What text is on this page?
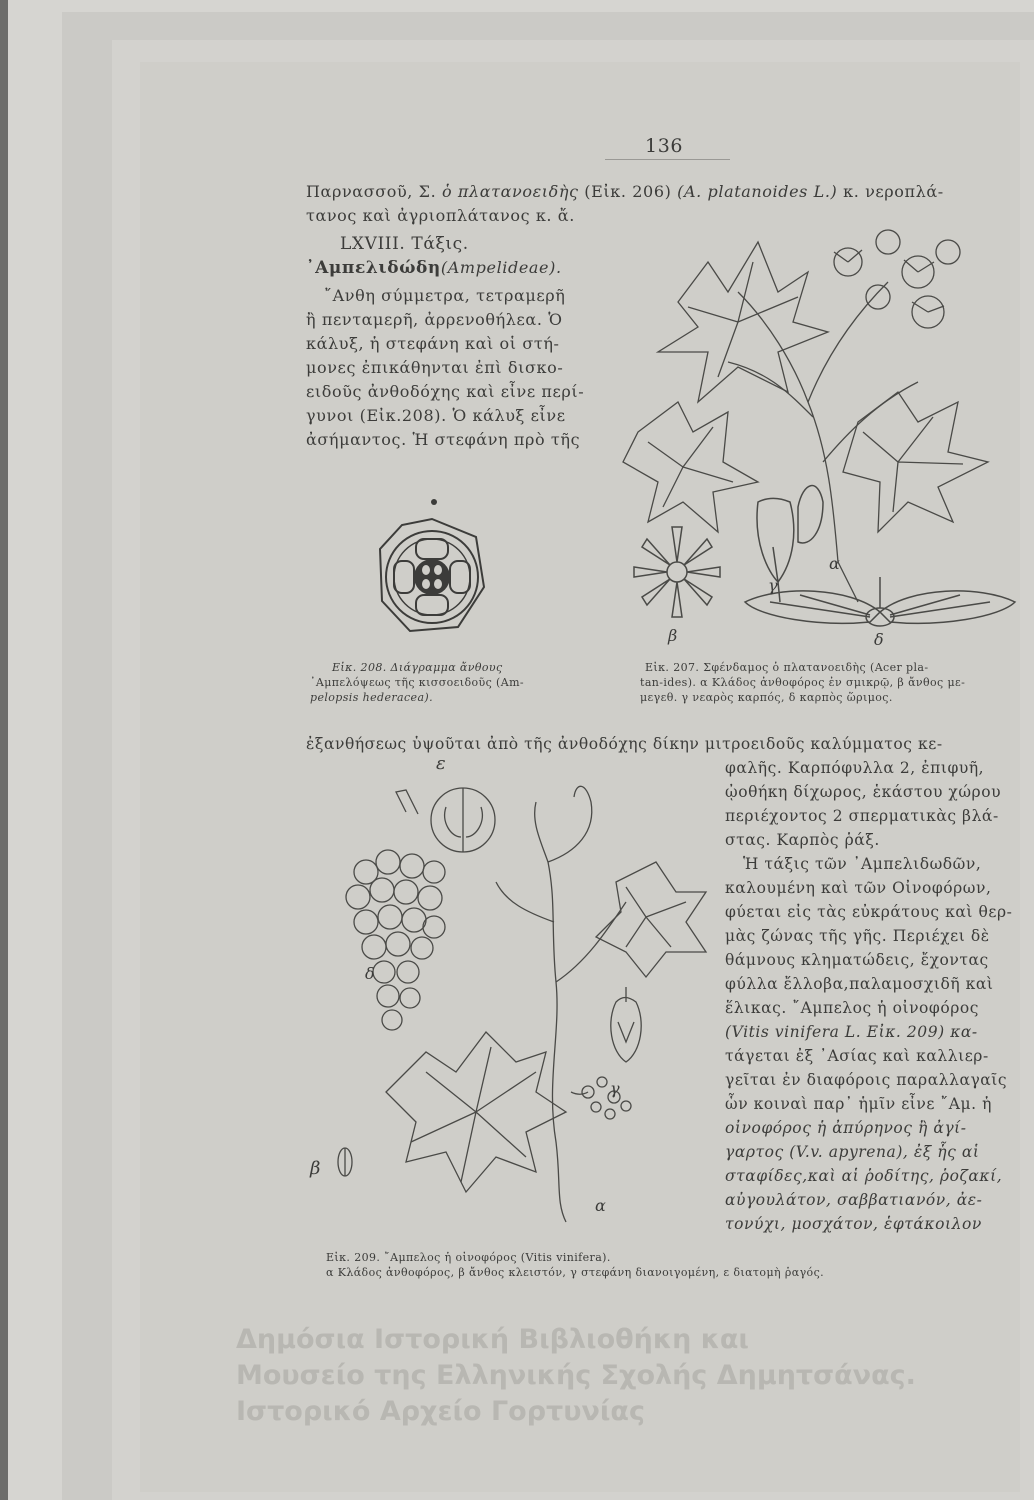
136
Παρνασσοῦ, Σ. ὁ πλατανοειδὴς (Εἰκ. 206) (A. platanoides L.) κ. νεροπλά-
τανος καὶ ἀγριοπλάτανος κ. ἄ.
LXVIII. Τάξις.
᾿Αμπελιδώδη(Ampelideae).
῎Ανθη σύμμετρα, τετραμερῆ
ἢ πενταμερῆ, ἀρρενοθήλεα. Ὁ
κάλυξ, ἡ στεφάνη καὶ οἱ στή-
μονες ἐπικάθηνται ἐπὶ δισκο-
ειδοῦς ἀνθοδόχης καὶ εἶνε περί-
γυνοι (Εἰκ.208). Ὁ κάλυξ εἶνε
ἀσήμαντος. Ἡ στεφάνη πρὸ τῆς
Εἰκ. 208. Διάγραμμα ἄνθους
᾿Αμπελόψεως τῆς κισσοειδοῦς (Am-
pelopsis hederacea).
α
β
γ
δ
Εἰκ. 207. Σφένδαμος ὁ πλατανοειδὴς (Acer pla-
tan-ides). α Κλάδος ἀνθοφόρος ἐν σμικρῷ, β ἄνθος με-
μεγεθ. γ νεαρὸς καρπός, δ καρπὸς ὥριμος.
ἐξανθήσεως ὑψοῦται ἀπὸ τῆς ἀνθοδόχης δίκην μιτροειδοῦς καλύμματος κε-
α
β
γ
δ
ε	φαλῆς. Καρπόφυλλα 2, ἐπιφυῆ,
ᾠοθήκη δίχωρος, ἑκάστου χώρου
περιέχοντος 2 σπερματικὰς βλά-
στας. Καρπὸς ῥάξ.
Ἡ τάξις τῶν ᾿Αμπελιδωδῶν,
καλουμένη καὶ τῶν Οἰνοφόρων,
φύεται εἰς τὰς εὐκράτους καὶ θερ-
μὰς ζώνας τῆς γῆς. Περιέχει δὲ
θάμνους κληματώδεις, ἔχοντας
φύλλα ἔλλοβα,παλαμοσχιδῆ καὶ
ἕλικας. ῎Αμπελος ἡ οἰνοφόρος
(Vitis vinifera L. Εἰκ. 209) κα-
τάγεται ἐξ ᾿Ασίας καὶ καλλιερ-
γεῖται ἐν διαφόροις παραλλαγαῖς
ὧν κοιναὶ παρ᾿ ἡμῖν εἶνε ῎Αμ. ἡ
οἰνοφόρος ἡ ἀπύρηνος ἢ ἀγί-
γαρτος (V.v. apyrena), ἐξ ἧς αἱ
σταφίδες,καὶ αἱ ῥοδίτης, ῥοζακί,
αὐγουλάτον, σαββατιανόν, ἀε-
τονύχι, μοσχάτον, ἑφτάκοιλον
Εἰκ. 209. ῎Αμπελος ἡ οἰνοφόρος (Vitis vinifera).
α Κλάδος ἀνθοφόρος, β ἄνθος κλειστόν, γ στεφάνη διανοιγομένη, ε διατομὴ ῥαγός.
Δημόσια Ιστορική Βιβλιοθήκη και
Μουσείο της Ελληνικής Σχολής Δημητσάνας.
Ιστορικό Αρχείο Γορτυνίας
